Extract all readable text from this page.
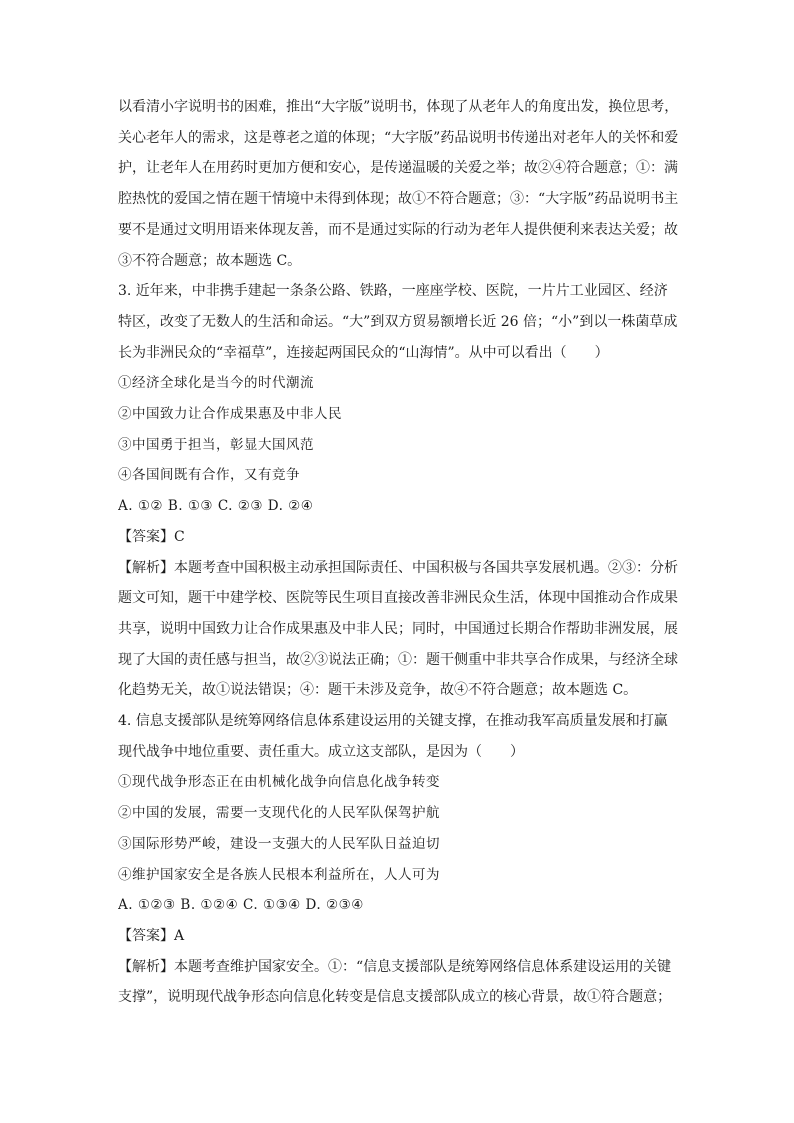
以看清小字说明书的困难，推出“大字版”说明书，体现了从老年人的角度出发，换位思考，
关心老年人的需求，这是尊老之道的体现；“大字版”药品说明书传递出对老年人的关怀和爱
护，让老年人在用药时更加方便和安心，是传递温暖的关爱之举；故②④符合题意；①：满
腔热忱的爱国之情在题干情境中未得到体现；故①不符合题意；③：“大字版”药品说明书主
要不是通过文明用语来体现友善，而不是通过实际的行动为老年人提供便利来表达关爱；故
③不符合题意；故本题选 C。
3. 近年来，中非携手建起一条条公路、铁路，一座座学校、医院，一片片工业园区、经济
特区，改变了无数人的生活和命运。“大”到双方贸易额增长近 26 倍；“小”到以一株菌草成
长为非洲民众的“幸福草”，连接起两国民众的“山海情”。从中可以看出（　　）
①经济全球化是当今的时代潮流
②中国致力让合作成果惠及中非人民
③中国勇于担当，彰显大国风范
④各国间既有合作，又有竞争
A. ①② B. ①③ C. ②③ D. ②④
【答案】C
【解析】本题考查中国积极主动承担国际责任、中国积极与各国共享发展机遇。②③：分析
题文可知，题干中建学校、医院等民生项目直接改善非洲民众生活，体现中国推动合作成果
共享，说明中国致力让合作成果惠及中非人民；同时，中国通过长期合作帮助非洲发展，展
现了大国的责任感与担当，故②③说法正确；①：题干侧重中非共享合作成果，与经济全球
化趋势无关，故①说法错误；④：题干未涉及竞争，故④不符合题意；故本题选 C。
4. 信息支援部队是统筹网络信息体系建设运用的关键支撑，在推动我军高质量发展和打赢
现代战争中地位重要、责任重大。成立这支部队，是因为（　　）
①现代战争形态正在由机械化战争向信息化战争转变
②中国的发展，需要一支现代化的人民军队保驾护航
③国际形势严峻，建设一支强大的人民军队日益迫切
④维护国家安全是各族人民根本利益所在，人人可为
A. ①②③ B. ①②④ C. ①③④ D. ②③④
【答案】A
【解析】本题考查维护国家安全。①：“信息支援部队是统筹网络信息体系建设运用的关键
支撑”，说明现代战争形态向信息化转变是信息支援部队成立的核心背景，故①符合题意；
